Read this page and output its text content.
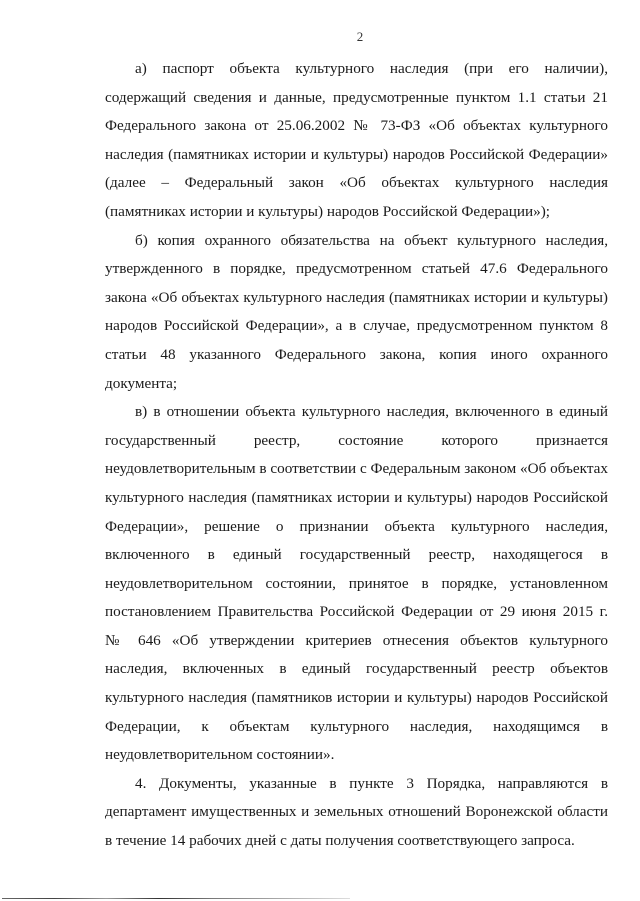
2
а) паспорт объекта культурного наследия (при его наличии),
содержащий сведения и данные, предусмотренные пунктом 1.1 статьи 21
Федерального закона от 25.06.2002 № 73-ФЗ «Об объектах культурного
наследия (памятниках истории и культуры) народов Российской Федерации»
(далее – Федеральный закон «Об объектах культурного наследия
(памятниках истории и культуры) народов Российской Федерации»);
б) копия охранного обязательства на объект культурного наследия,
утвержденного в порядке, предусмотренном статьей 47.6 Федерального
закона «Об объектах культурного наследия (памятниках истории и культуры)
народов Российской Федерации», а в случае, предусмотренном пунктом 8
статьи 48 указанного Федерального закона, копия иного охранного
документа;
в) в отношении объекта культурного наследия, включенного в единый
государственный реестр, состояние которого признается
неудовлетворительным в соответствии с Федеральным законом «Об объектах
культурного наследия (памятниках истории и культуры) народов Российской
Федерации», решение о признании объекта культурного наследия,
включенного в единый государственный реестр, находящегося в
неудовлетворительном состоянии, принятое в порядке, установленном
постановлением Правительства Российской Федерации от 29 июня 2015 г.
№ 646 «Об утверждении критериев отнесения объектов культурного
наследия, включенных в единый государственный реестр объектов
культурного наследия (памятников истории и культуры) народов Российской
Федерации, к объектам культурного наследия, находящимся в
неудовлетворительном состоянии».
4. Документы, указанные в пункте 3 Порядка, направляются в
департамент имущественных и земельных отношений Воронежской области
в течение 14 рабочих дней с даты получения соответствующего запроса.
